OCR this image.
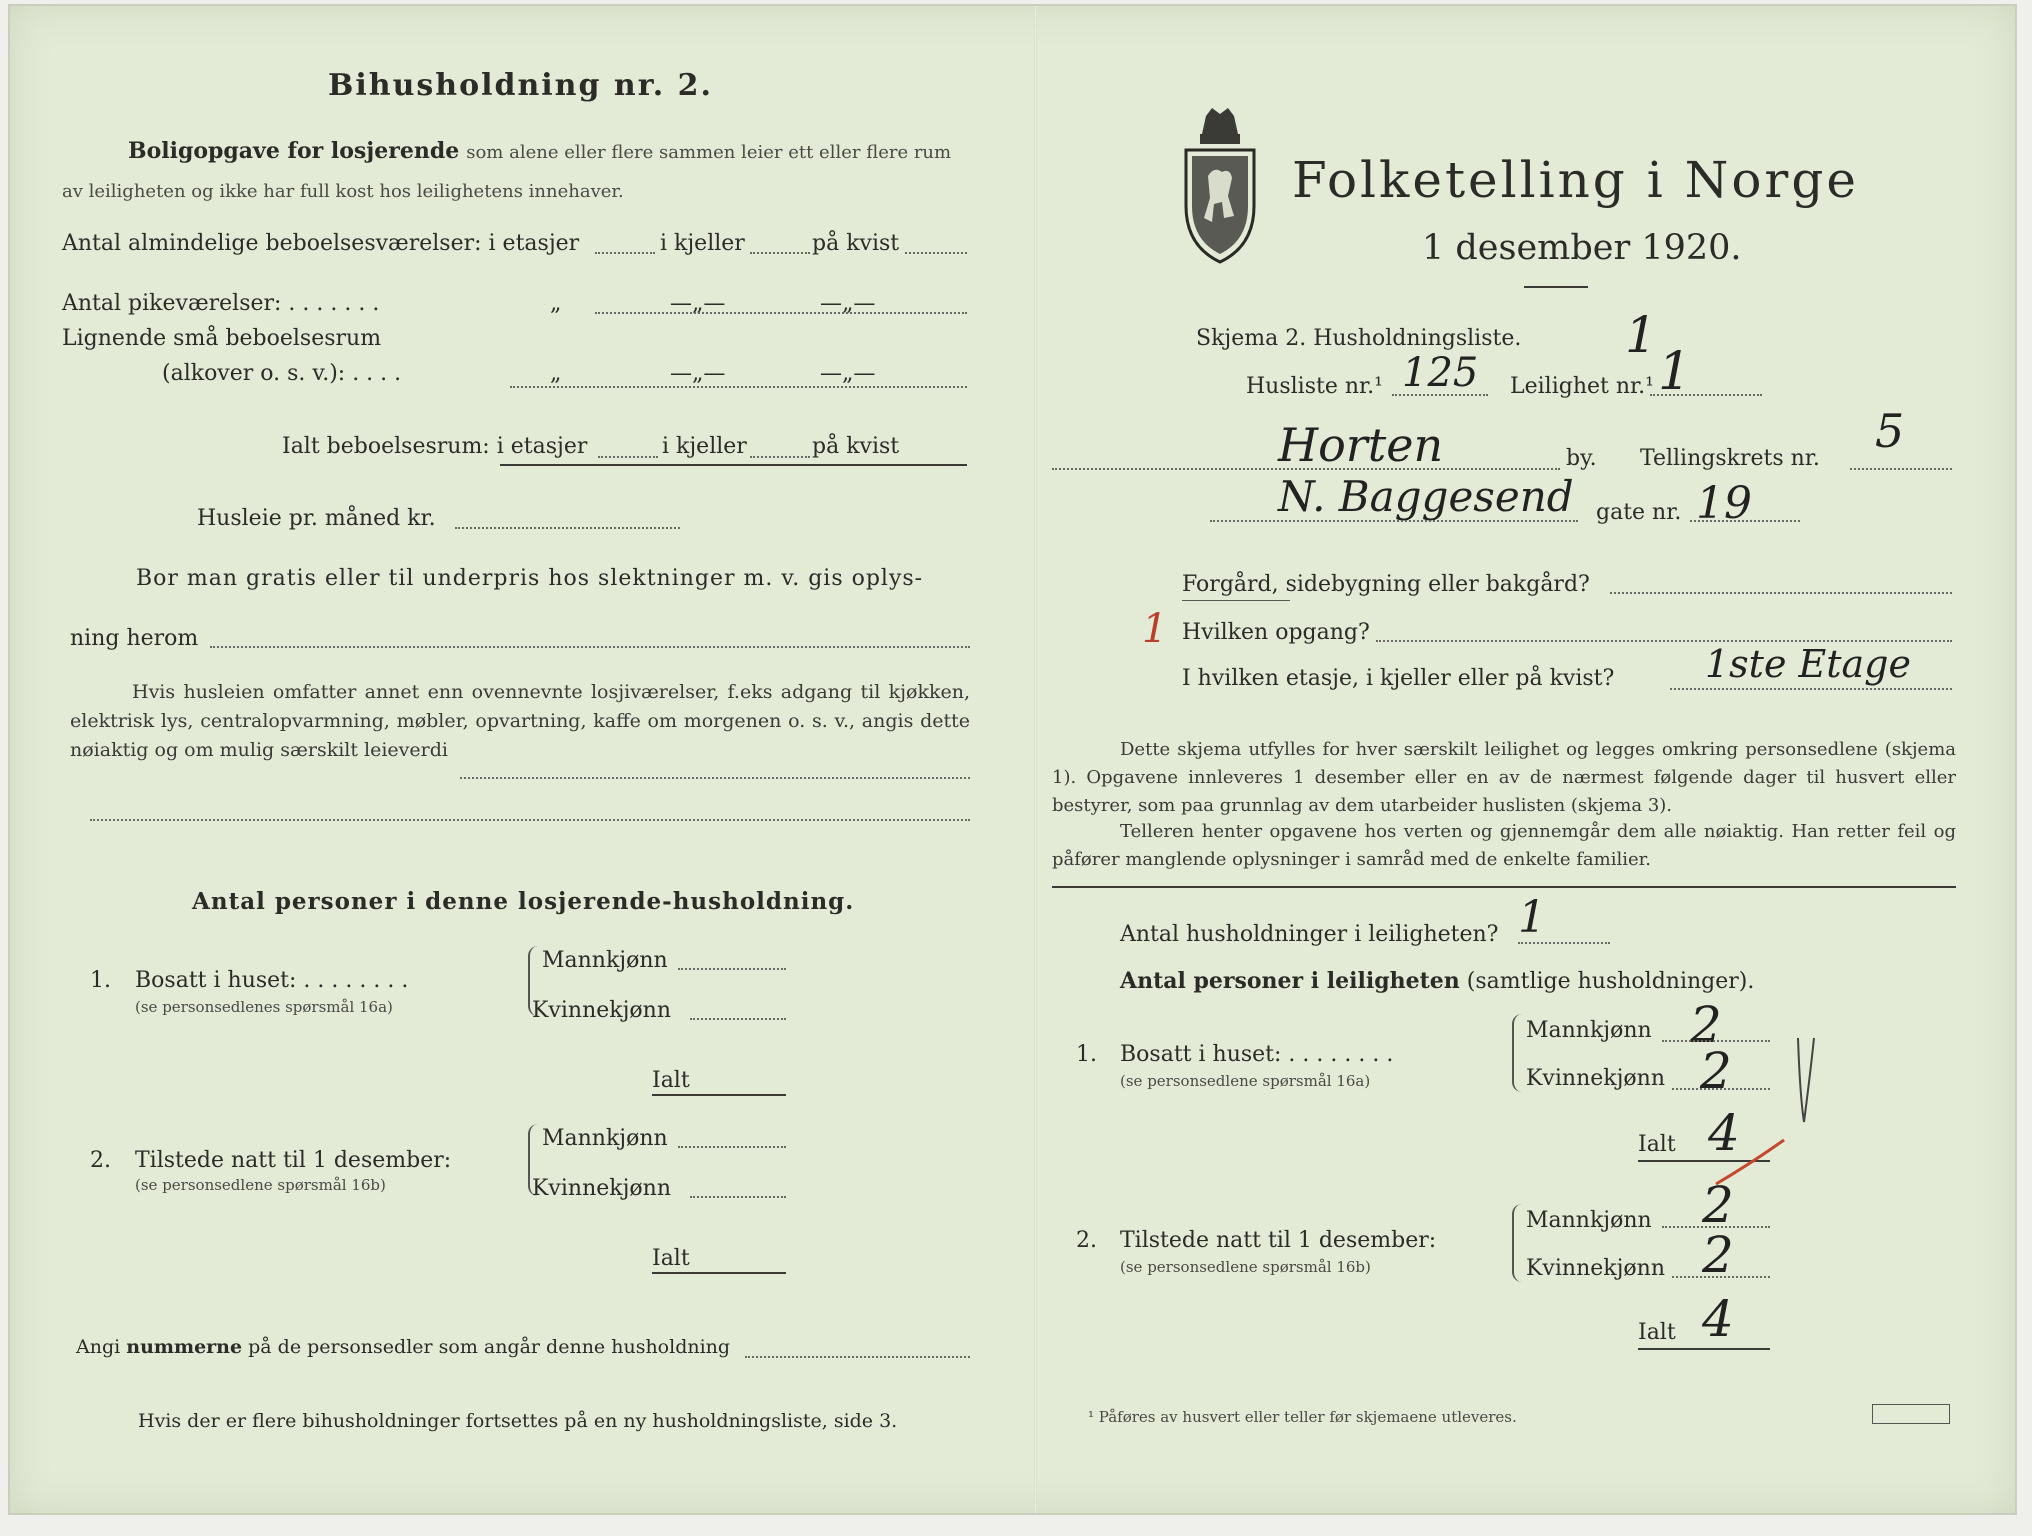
Bihusholdning nr. 2.
Boligopgave for losjerende som alene eller flere sammen leier ett eller flere rum
av leiligheten og ikke har full kost hos leilighetens innehaver.
Antal almindelige beboelsesværelser: i etasjer	i kjeller	på kvist
Antal pikeværelser: . . . . . . .	„	—„—	—„—
Lignende små beboelsesrum
(alkover o. s. v.): . . . .	„	—„—	—„—
Ialt beboelsesrum: i etasjer	i kjeller	på kvist
Husleie pr. måned kr.
Bor man gratis eller til underpris hos slektninger m. v. gis oplys-
ning herom
Hvis husleien omfatter annet enn ovennevnte losjiværelser, f.eks adgang til kjøkken, elektrisk lys, centralopvarmning, møbler, opvartning, kaffe om morgenen o. s. v., angis dette nøiaktig og om mulig særskilt leieverdi
Antal personer i denne losjerende-husholdning.
1. Bosatt i huset: . . . . . . . .
(se personsedlenes spørsmål 16a)
Mannkjønn
Kvinnekjønn
Ialt
2. Tilstede natt til 1 desember:
(se personsedlene spørsmål 16b)
Mannkjønn
Kvinnekjønn
Ialt
Angi nummerne på de personsedler som angår denne husholdning
Hvis der er flere bihusholdninger fortsettes på en ny husholdningsliste, side 3.
Folketelling i Norge
1 desember 1920.
Skjema 2. Husholdningsliste. 1
Husliste nr.¹ 125 Leilighet nr.¹ 1
Horten	by. Tellingskrets nr.
5
N. Baggesend gate nr. 19
Forgård, sidebygning eller bakgård?
1 Hvilken opgang?
I hvilken etasje, i kjeller eller på kvist? 1ste Etage
Dette skjema utfylles for hver særskilt leilighet og legges omkring personsedlene (skjema 1). Opgavene innleveres 1 desember eller en av de nærmest følgende dager til husvert eller bestyrer, som paa grunnlag av dem utarbeider huslisten (skjema 3).
Telleren henter opgavene hos verten og gjennemgår dem alle nøiaktig. Han retter feil og påfører manglende oplysninger i samråd med de enkelte familier.
Antal husholdninger i leiligheten? 1
Antal personer i leiligheten (samtlige husholdninger).
1. Bosatt i huset: . . . . . . . .
(se personsedlene spørsmål 16a)
Mannkjønn 2
Kvinnekjønn 2
Ialt 4
2. Tilstede natt til 1 desember:
(se personsedlene spørsmål 16b)
Mannkjønn 2
Kvinnekjønn 2
Ialt 4
¹ Påføres av husvert eller teller før skjemaene utleveres.
